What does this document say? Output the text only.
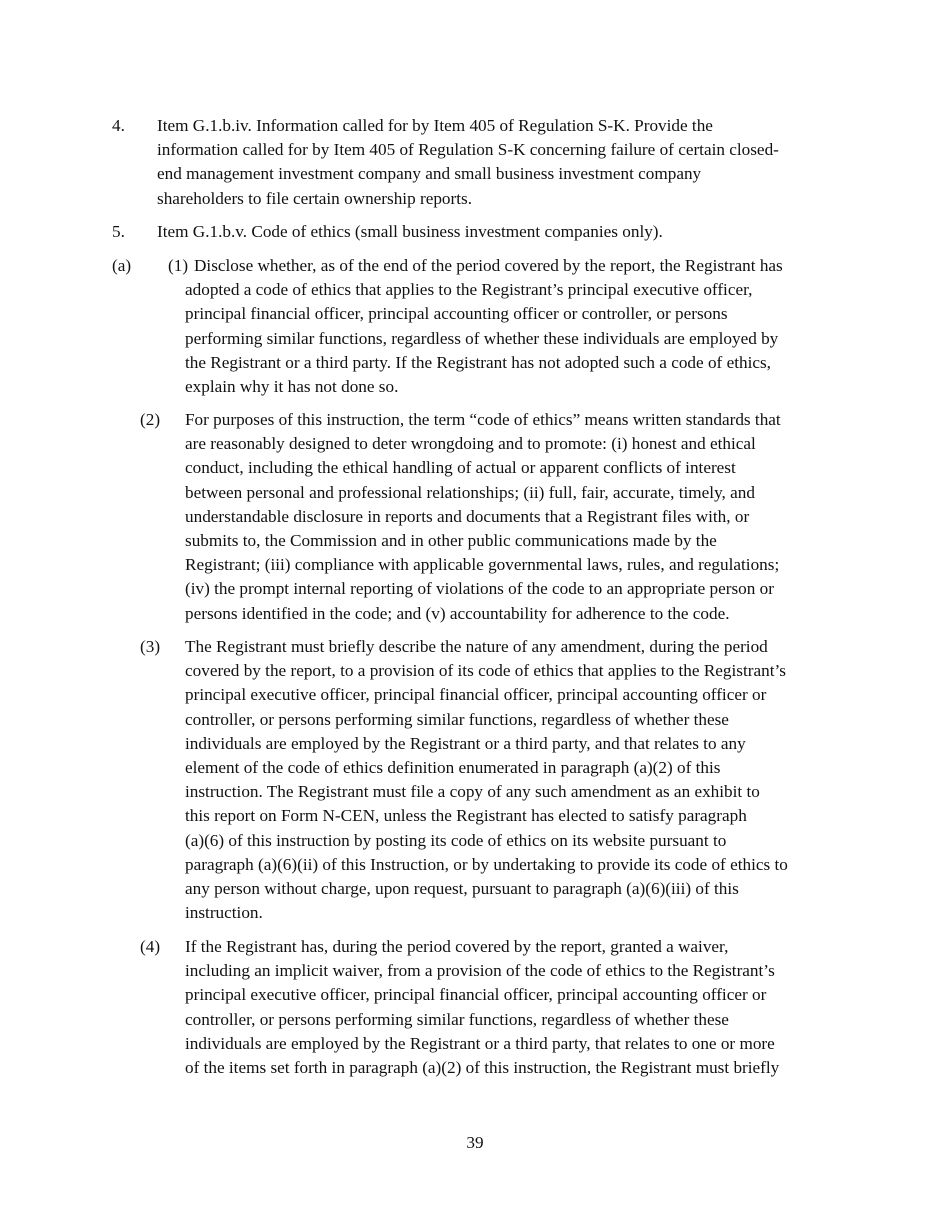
4. Item G.1.b.iv. Information called for by Item 405 of Regulation S-K. Provide the
information called for by Item 405 of Regulation S-K concerning failure of certain closed-
end management investment company and small business investment company
shareholders to file certain ownership reports.
5. Item G.1.b.v. Code of ethics (small business investment companies only).
(a) (1) Disclose whether, as of the end of the period covered by the report, the Registrant has
adopted a code of ethics that applies to the Registrant’s principal executive officer,
principal financial officer, principal accounting officer or controller, or persons
performing similar functions, regardless of whether these individuals are employed by
the Registrant or a third party. If the Registrant has not adopted such a code of ethics,
explain why it has not done so.
(2) For purposes of this instruction, the term “code of ethics” means written standards that
are reasonably designed to deter wrongdoing and to promote: (i) honest and ethical
conduct, including the ethical handling of actual or apparent conflicts of interest
between personal and professional relationships; (ii) full, fair, accurate, timely, and
understandable disclosure in reports and documents that a Registrant files with, or
submits to, the Commission and in other public communications made by the
Registrant; (iii) compliance with applicable governmental laws, rules, and regulations;
(iv) the prompt internal reporting of violations of the code to an appropriate person or
persons identified in the code; and (v) accountability for adherence to the code.
(3) The Registrant must briefly describe the nature of any amendment, during the period
covered by the report, to a provision of its code of ethics that applies to the Registrant’s
principal executive officer, principal financial officer, principal accounting officer or
controller, or persons performing similar functions, regardless of whether these
individuals are employed by the Registrant or a third party, and that relates to any
element of the code of ethics definition enumerated in paragraph (a)(2) of this
instruction. The Registrant must file a copy of any such amendment as an exhibit to
this report on Form N-CEN, unless the Registrant has elected to satisfy paragraph
(a)(6) of this instruction by posting its code of ethics on its website pursuant to
paragraph (a)(6)(ii) of this Instruction, or by undertaking to provide its code of ethics to
any person without charge, upon request, pursuant to paragraph (a)(6)(iii) of this
instruction.
(4) If the Registrant has, during the period covered by the report, granted a waiver,
including an implicit waiver, from a provision of the code of ethics to the Registrant’s
principal executive officer, principal financial officer, principal accounting officer or
controller, or persons performing similar functions, regardless of whether these
individuals are employed by the Registrant or a third party, that relates to one or more
of the items set forth in paragraph (a)(2) of this instruction, the Registrant must briefly
39
